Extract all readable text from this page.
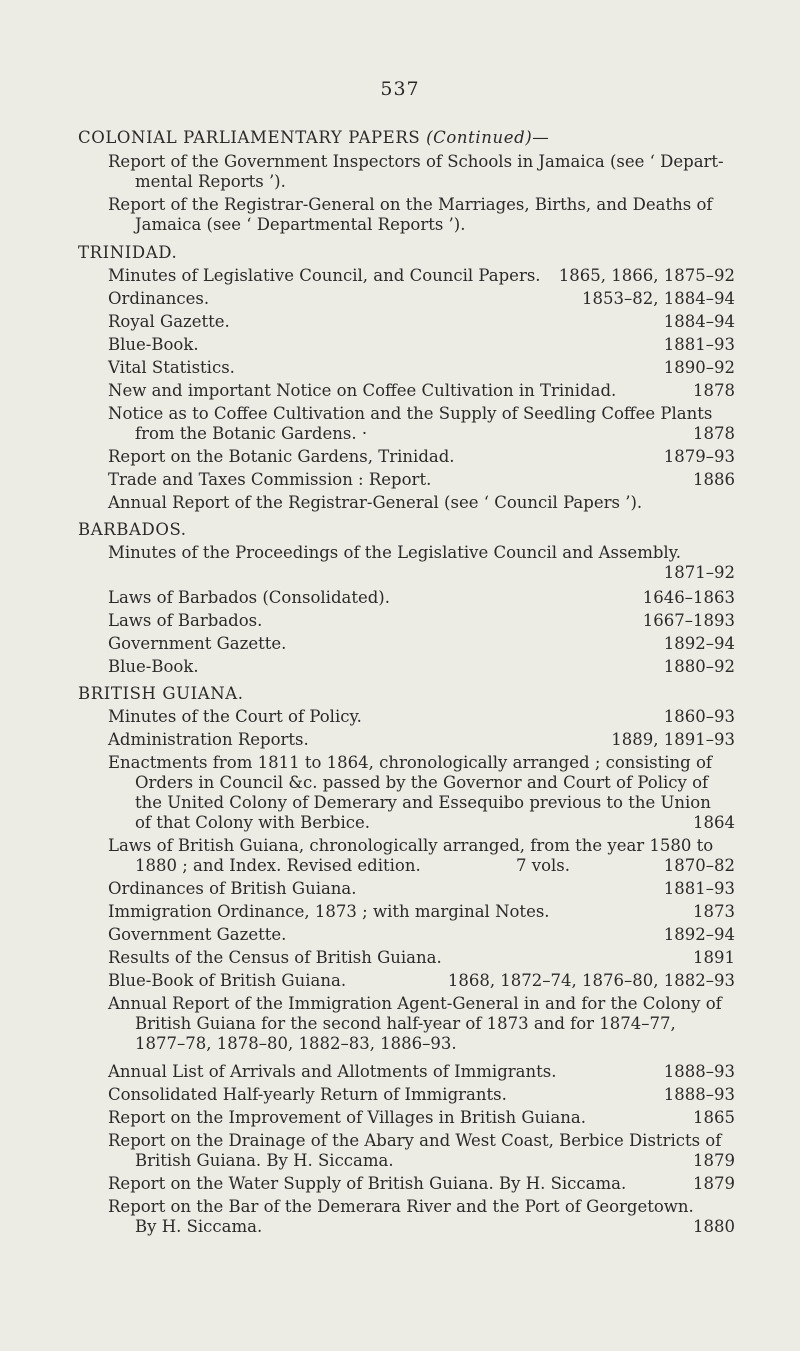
537
COLONIAL PARLIAMENTARY PAPERS (Continued)—
Report of the Government Inspectors of Schools in Jamaica (see ‘ Depart-
mental Reports ’).
Report of the Registrar-General on the Marriages, Births, and Deaths of
Jamaica (see ‘ Departmental Reports ’).
TRINIDAD.
Minutes of Legislative Council, and Council Papers. 1865, 1866, 1875–92
Ordinances.	1853–82, 1884–94
Royal Gazette.	1884–94
Blue-Book.	1881–93
Vital Statistics.	1890–92
New and important Notice on Coffee Cultivation in Trinidad.	1878
Notice as to Coffee Cultivation and the Supply of Seedling Coffee Plants
from the Botanic Gardens. ·	1878
Report on the Botanic Gardens, Trinidad.	1879–93
Trade and Taxes Commission : Report.	1886
Annual Report of the Registrar-General (see ‘ Council Papers ’).
BARBADOS.
Minutes of the Proceedings of the Legislative Council and Assembly.
1871–92
Laws of Barbados (Consolidated).	1646–1863
Laws of Barbados.	1667–1893
Government Gazette.	1892–94
Blue-Book.	1880–92
BRITISH GUIANA.
Minutes of the Court of Policy.	1860–93
Administration Reports.	1889, 1891–93
Enactments from 1811 to 1864, chronologically arranged ; consisting of
Orders in Council &c. passed by the Governor and Court of Policy of
the United Colony of Demerary and Essequibo previous to the Union
of that Colony with Berbice.	1864
Laws of British Guiana, chronologically arranged, from the year 1580 to
1880 ; and Index. Revised edition.	7 vols.	1870–82
Ordinances of British Guiana.	1881–93
Immigration Ordinance, 1873 ; with marginal Notes.	1873
Government Gazette.	1892–94
Results of the Census of British Guiana.	1891
Blue-Book of British Guiana.	1868, 1872–74, 1876–80, 1882–93
Annual Report of the Immigration Agent-General in and for the Colony of
British Guiana for the second half-year of 1873 and for 1874–77,
1877–78, 1878–80, 1882–83, 1886–93.
Annual List of Arrivals and Allotments of Immigrants.	1888–93
Consolidated Half-yearly Return of Immigrants.	1888–93
Report on the Improvement of Villages in British Guiana.	1865
Report on the Drainage of the Abary and West Coast, Berbice Districts of
British Guiana. By H. Siccama.	1879
Report on the Water Supply of British Guiana. By H. Siccama.	1879
Report on the Bar of the Demerara River and the Port of Georgetown.
By H. Siccama.	1880
